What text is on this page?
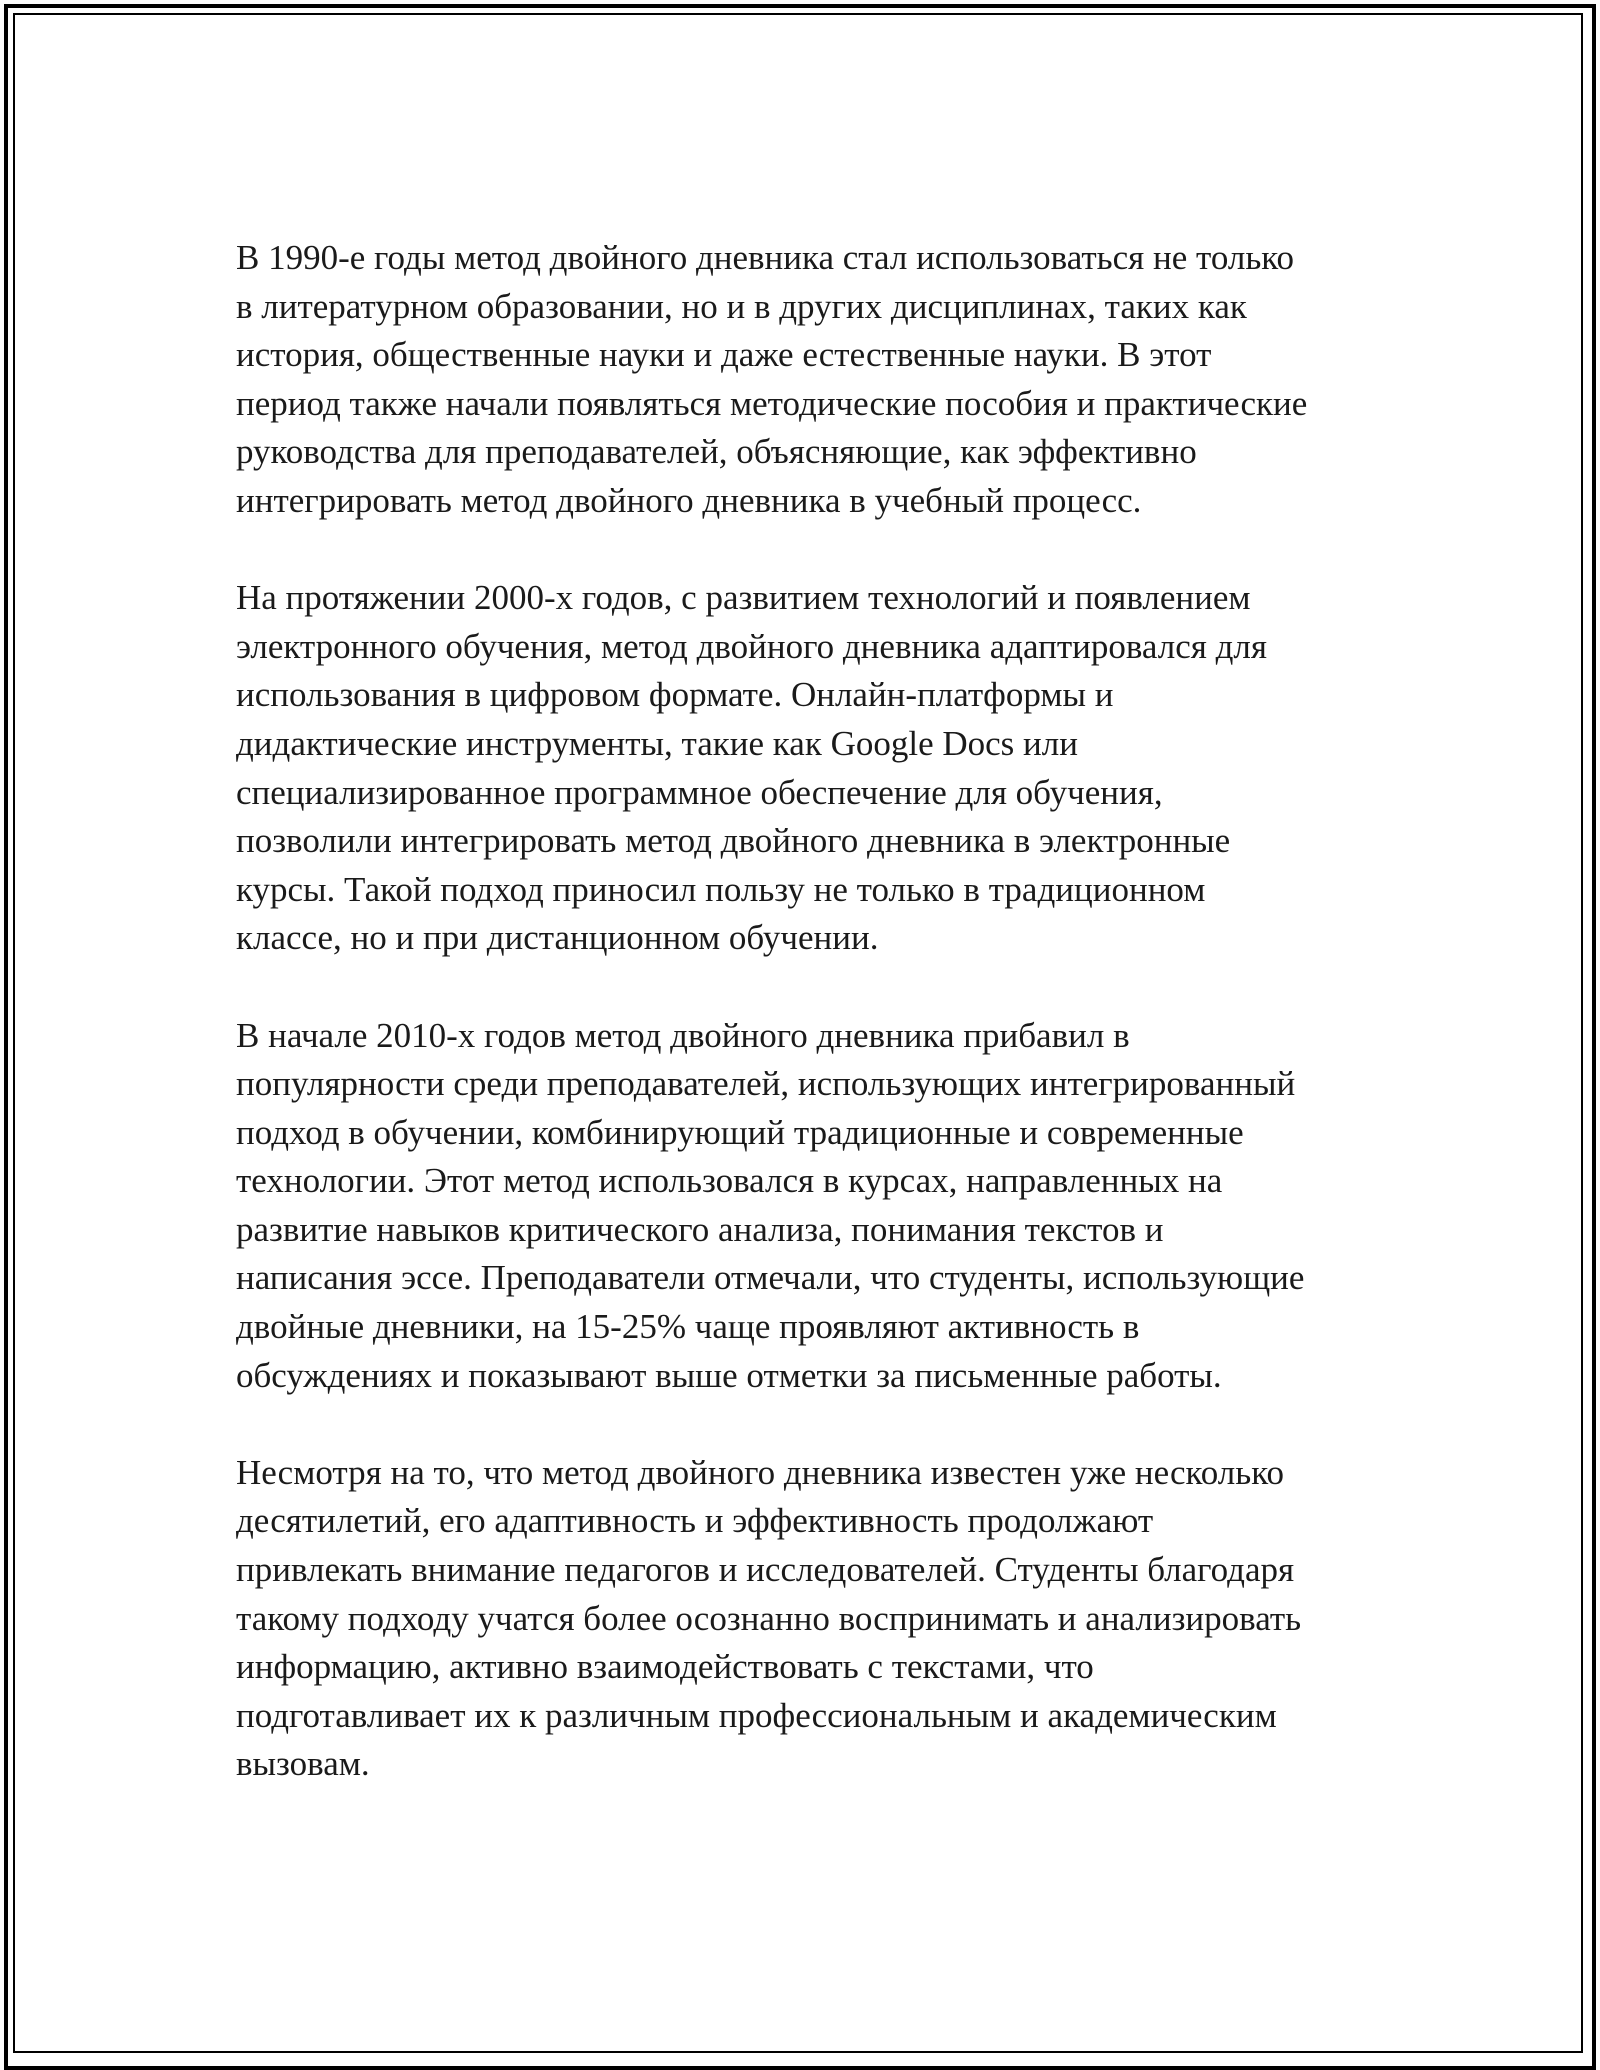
В 1990-е годы метод двойного дневника стал использоваться не только
в литературном образовании, но и в других дисциплинах, таких как
история, общественные науки и даже естественные науки. В этот
период также начали появляться методические пособия и практические
руководства для преподавателей, объясняющие, как эффективно
интегрировать метод двойного дневника в учебный процесс.

На протяжении 2000-х годов, с развитием технологий и появлением
электронного обучения, метод двойного дневника адаптировался для
использования в цифровом формате. Онлайн-платформы и
дидактические инструменты, такие как Google Docs или
специализированное программное обеспечение для обучения,
позволили интегрировать метод двойного дневника в электронные
курсы. Такой подход приносил пользу не только в традиционном
классе, но и при дистанционном обучении.

В начале 2010-х годов метод двойного дневника прибавил в
популярности среди преподавателей, использующих интегрированный
подход в обучении, комбинирующий традиционные и современные
технологии. Этот метод использовался в курсах, направленных на
развитие навыков критического анализа, понимания текстов и
написания эссе. Преподаватели отмечали, что студенты, использующие
двойные дневники, на 15-25% чаще проявляют активность в
обсуждениях и показывают выше отметки за письменные работы.

Несмотря на то, что метод двойного дневника известен уже несколько
десятилетий, его адаптивность и эффективность продолжают
привлекать внимание педагогов и исследователей. Студенты благодаря
такому подходу учатся более осознанно воспринимать и анализировать
информацию, активно взаимодействовать с текстами, что
подготавливает их к различным профессиональным и академическим
вызовам.
